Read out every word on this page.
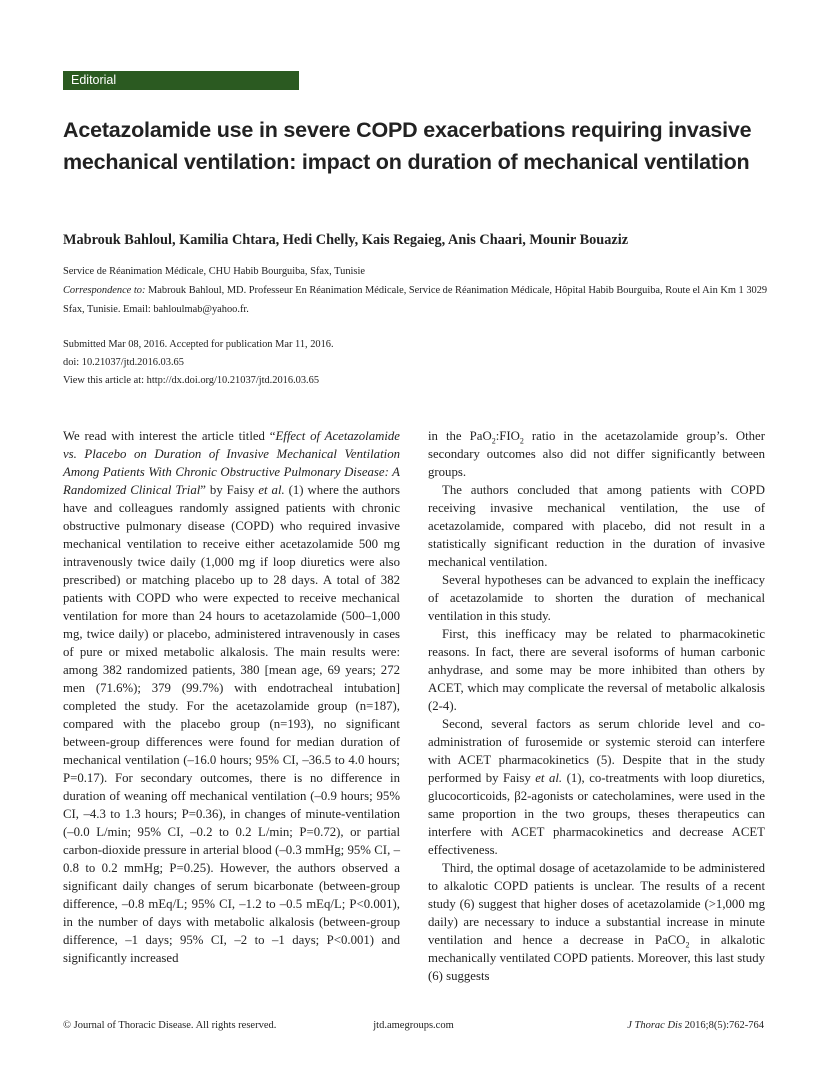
Editorial
Acetazolamide use in severe COPD exacerbations requiring invasive mechanical ventilation: impact on duration of mechanical ventilation
Mabrouk Bahloul, Kamilia Chtara, Hedi Chelly, Kais Regaieg, Anis Chaari, Mounir Bouaziz
Service de Réanimation Médicale, CHU Habib Bourguiba, Sfax, Tunisie
Correspondence to: Mabrouk Bahloul, MD. Professeur En Réanimation Médicale, Service de Réanimation Médicale, Hôpital Habib Bourguiba, Route el Ain Km 1 3029 Sfax, Tunisie. Email: bahloulmab@yahoo.fr.
Submitted Mar 08, 2016. Accepted for publication Mar 11, 2016.
doi: 10.21037/jtd.2016.03.65
View this article at: http://dx.doi.org/10.21037/jtd.2016.03.65

We read with interest the article titled “Effect of Acetazolamide vs. Placebo on Duration of Invasive Mechanical Ventilation Among Patients With Chronic Obstructive Pulmonary Disease: A Randomized Clinical Trial” by Faisy et al. (1) where the authors have and colleagues randomly assigned patients with chronic obstructive pulmonary disease (COPD) who required invasive mechanical ventilation to receive either acetazolamide 500 mg intravenously twice daily (1,000 mg if loop diuretics were also prescribed) or matching placebo up to 28 days. A total of 382 patients with COPD who were expected to receive mechanical ventilation for more than 24 hours to acetazolamide (500–1,000 mg, twice daily) or placebo, administered intravenously in cases of pure or mixed metabolic alkalosis. The main results were: among 382 randomized patients, 380 [mean age, 69 years; 272 men (71.6%); 379 (99.7%) with endotracheal intubation] completed the study. For the acetazolamide group (n=187), compared with the placebo group (n=193), no significant between-group differences were found for median duration of mechanical ventilation (–16.0 hours; 95% CI, –36.5 to 4.0 hours; P=0.17). For secondary outcomes, there is no difference in duration of weaning off mechanical ventilation (–0.9 hours; 95% CI, –4.3 to 1.3 hours; P=0.36), in changes of minute-ventilation (–0.0 L/min; 95% CI, –0.2 to 0.2 L/min; P=0.72), or partial carbon-dioxide pressure in arterial blood (–0.3 mmHg; 95% CI, –0.8 to 0.2 mmHg; P=0.25). However, the authors observed a significant daily changes of serum bicarbonate (between-group difference, –0.8 mEq/L; 95% CI, –1.2 to –0.5 mEq/L; P<0.001), in the number of days with metabolic alkalosis (between-group difference, –1 days; 95% CI, –2 to –1 days; P<0.001) and significantly increased

in the $PaO_2:FIO_2$ ratio in the acetazolamide group’s. Other secondary outcomes also did not differ significantly between groups.

The authors concluded that among patients with COPD receiving invasive mechanical ventilation, the use of acetazolamide, compared with placebo, did not result in a statistically significant reduction in the duration of invasive mechanical ventilation.

Several hypotheses can be advanced to explain the inefficacy of acetazolamide to shorten the duration of mechanical ventilation in this study.

First, this inefficacy may be related to pharmacokinetic reasons. In fact, there are several isoforms of human carbonic anhydrase, and some may be more inhibited than others by ACET, which may complicate the reversal of metabolic alkalosis (2-4).

Second, several factors as serum chloride level and co-administration of furosemide or systemic steroid can interfere with ACET pharmacokinetics (5). Despite that in the study performed by Faisy et al. (1), co-treatments with loop diuretics, glucocorticoids, β2-agonists or catecholamines, were used in the same proportion in the two groups, theses therapeutics can interfere with ACET pharmacokinetics and decrease ACET effectiveness.

Third, the optimal dosage of acetazolamide to be administered to alkalotic COPD patients is unclear. The results of a recent study (6) suggest that higher doses of acetazolamide (>1,000 mg daily) are necessary to induce a substantial increase in minute ventilation and hence a decrease in PaCO$_2$ in alkalotic mechanically ventilated COPD patients. Moreover, this last study (6) suggests

© Journal of Thoracic Disease. All rights reserved.	jtd.amegroups.com	J Thorac Dis 2016;8(5):762-764
